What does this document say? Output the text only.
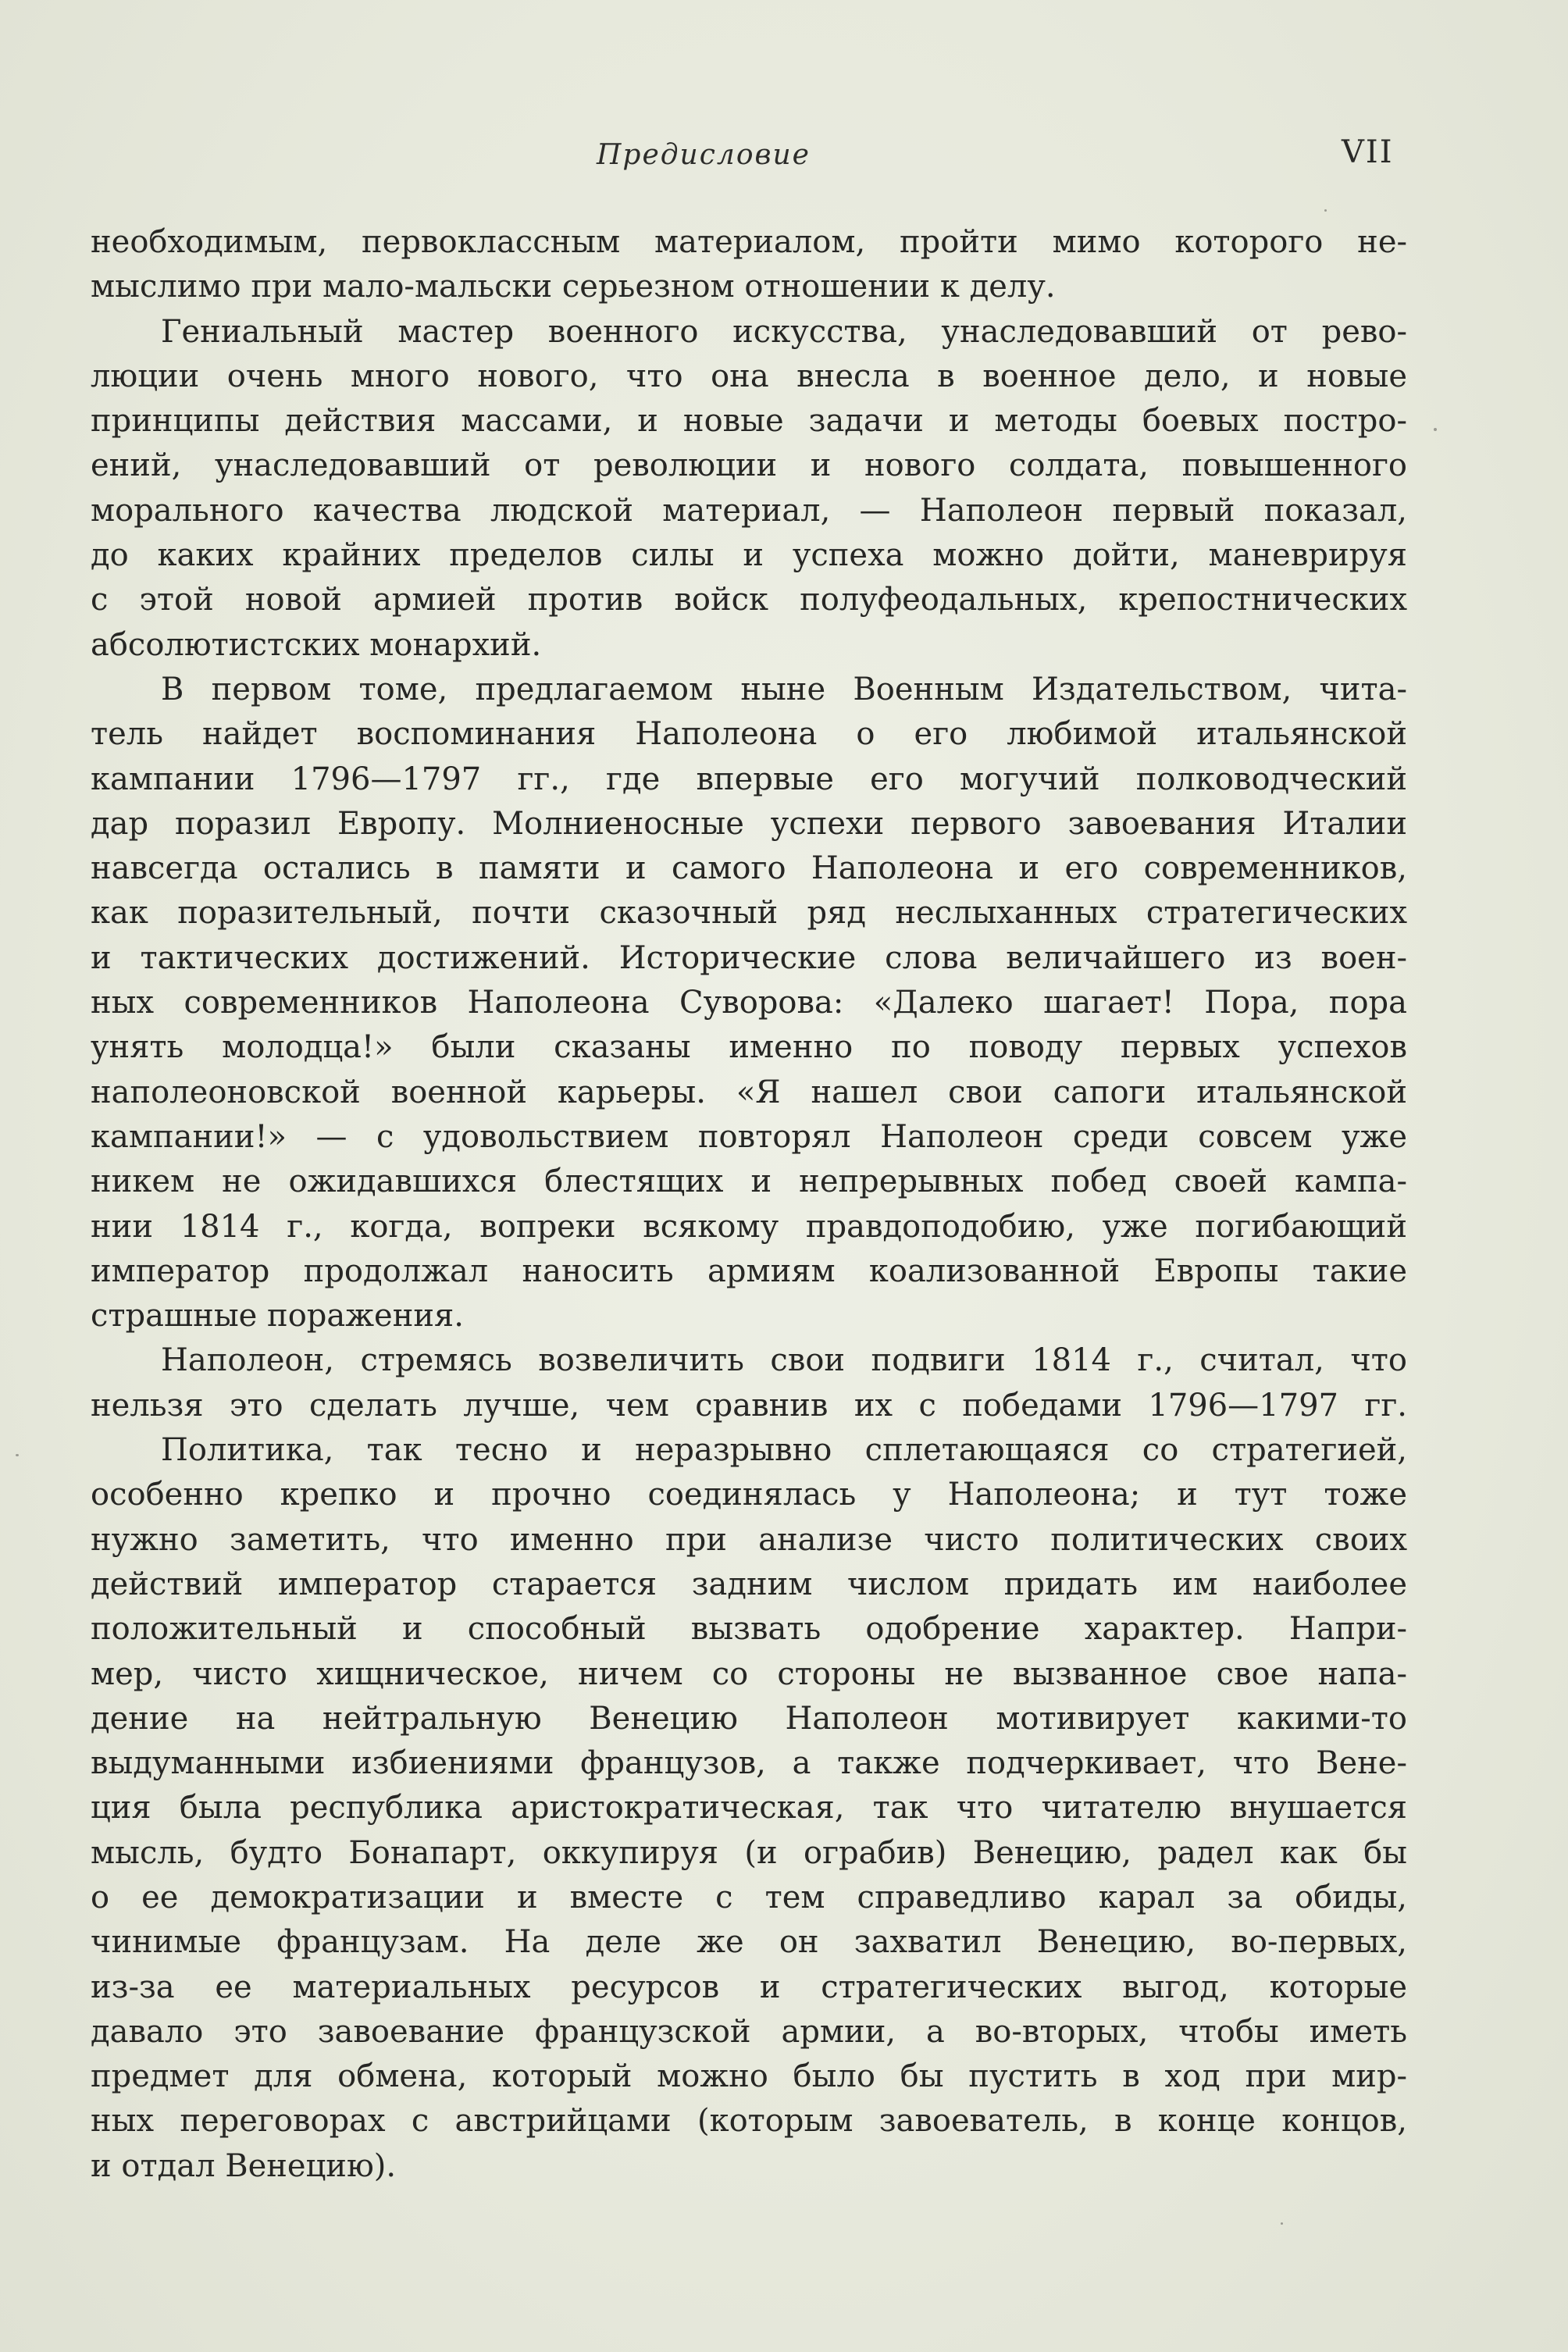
Предисловие	VII
необходимым, первоклассным материалом, пройти мимо которого не-
мыслимо при мало-мальски серьезном отношении к делу.
Гениальный мастер военного искусства, унаследовавший от рево-
люции очень много нового, что она внесла в военное дело, и новые
принципы действия массами, и новые задачи и методы боевых постро-
ений, унаследовавший от революции и нового солдата, повышенного
морального качества людской материал, — Наполеон первый показал,
до каких крайних пределов силы и успеха можно дойти, маневрируя
с этой новой армией против войск полуфеодальных, крепостнических
абсолютистских монархий.
В первом томе, предлагаемом ныне Военным Издательством, чита-
тель найдет воспоминания Наполеона о его любимой итальянской
кампании 1796—1797 гг., где впервые его могучий полководческий
дар поразил Европу. Молниеносные успехи первого завоевания Италии
навсегда остались в памяти и самого Наполеона и его современников,
как поразительный, почти сказочный ряд неслыханных стратегических
и тактических достижений. Исторические слова величайшего из воен-
ных современников Наполеона Суворова: «Далеко шагает! Пора, пора
унять молодца!» были сказаны именно по поводу первых успехов
наполеоновской военной карьеры. «Я нашел свои сапоги итальянской
кампании!» — с удовольствием повторял Наполеон среди совсем уже
никем не ожидавшихся блестящих и непрерывных побед своей кампа-
нии 1814 г., когда, вопреки всякому правдоподобию, уже погибающий
император продолжал наносить армиям коализованной Европы такие
страшные поражения.
Наполеон, стремясь возвеличить свои подвиги 1814 г., считал, что
нельзя это сделать лучше, чем сравнив их с победами 1796—1797 гг.
Политика, так тесно и неразрывно сплетающаяся со стратегией,
особенно крепко и прочно соединялась у Наполеона; и тут тоже
нужно заметить, что именно при анализе чисто политических своих
действий император старается задним числом придать им наиболее
положительный и способный вызвать одобрение характер. Напри-
мер, чисто хищническое, ничем со стороны не вызванное свое напа-
дение на нейтральную Венецию Наполеон мотивирует какими-то
выдуманными избиениями французов, а также подчеркивает, что Вене-
ция была республика аристократическая, так что читателю внушается
мысль, будто Бонапарт, оккупируя (и ограбив) Венецию, радел как бы
о ее демократизации и вместе с тем справедливо карал за обиды,
чинимые французам. На деле же он захватил Венецию, во-первых,
из-за ее материальных ресурсов и стратегических выгод, которые
давало это завоевание французской армии, а во-вторых, чтобы иметь
предмет для обмена, который можно было бы пустить в ход при мир-
ных переговорах с австрийцами (которым завоеватель, в конце концов,
и отдал Венецию).
